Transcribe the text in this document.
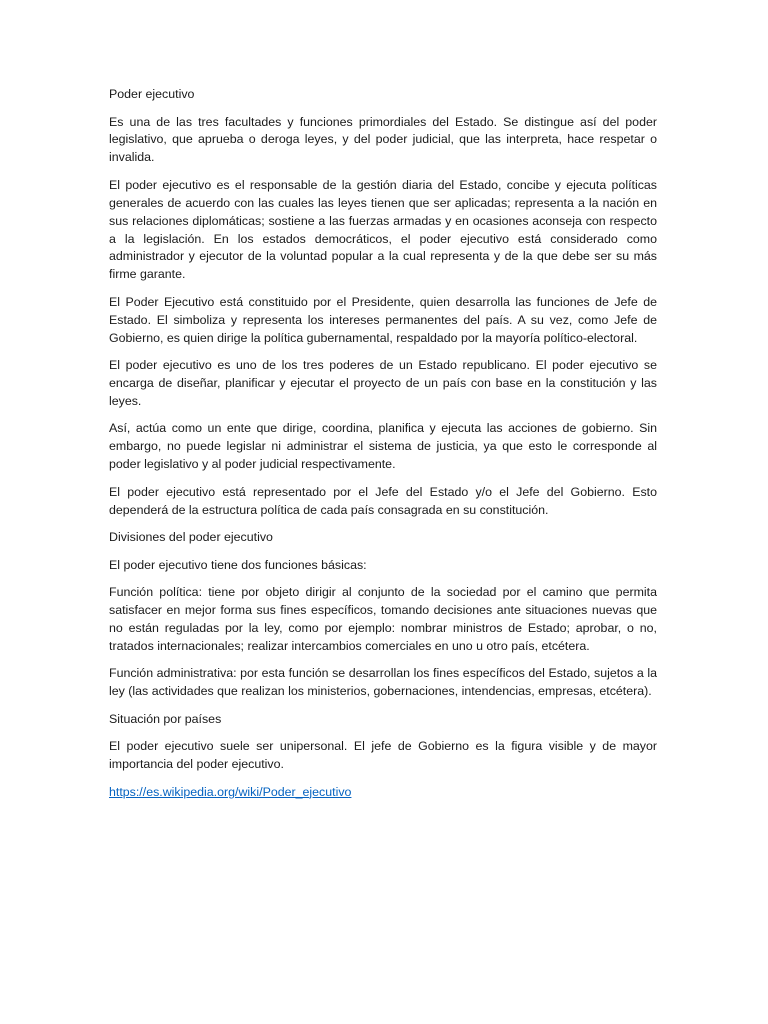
Poder ejecutivo

Es una de las tres facultades y funciones primordiales del Estado. Se distingue así del poder legislativo, que aprueba o deroga leyes, y del poder judicial, que las interpreta, hace respetar o invalida.

El poder ejecutivo es el responsable de la gestión diaria del Estado, concibe y ejecuta políticas generales de acuerdo con las cuales las leyes tienen que ser aplicadas; representa a la nación en sus relaciones diplomáticas; sostiene a las fuerzas armadas y en ocasiones aconseja con respecto a la legislación. En los estados democráticos, el poder ejecutivo está considerado como administrador y ejecutor de la voluntad popular a la cual representa y de la que debe ser su más firme garante.

El Poder Ejecutivo está constituido por el Presidente, quien desarrolla las funciones de Jefe de Estado. El simboliza y representa los intereses permanentes del país. A su vez, como Jefe de Gobierno, es quien dirige la política gubernamental, respaldado por la mayoría político-electoral.

El poder ejecutivo es uno de los tres poderes de un Estado republicano. El poder ejecutivo se encarga de diseñar, planificar y ejecutar el proyecto de un país con base en la constitución y las leyes.

Así, actúa como un ente que dirige, coordina, planifica y ejecuta las acciones de gobierno. Sin embargo, no puede legislar ni administrar el sistema de justicia, ya que esto le corresponde al poder legislativo y al poder judicial respectivamente.

El poder ejecutivo está representado por el Jefe del Estado y/o el Jefe del Gobierno. Esto dependerá de la estructura política de cada país consagrada en su constitución.

Divisiones del poder ejecutivo

El poder ejecutivo tiene dos funciones básicas:

Función política: tiene por objeto dirigir al conjunto de la sociedad por el camino que permita satisfacer en mejor forma sus fines específicos, tomando decisiones ante situaciones nuevas que no están reguladas por la ley, como por ejemplo: nombrar ministros de Estado; aprobar, o no, tratados internacionales; realizar intercambios comerciales en uno u otro país, etcétera.

Función administrativa: por esta función se desarrollan los fines específicos del Estado, sujetos a la ley (las actividades que realizan los ministerios, gobernaciones, intendencias, empresas, etcétera).

Situación por países

El poder ejecutivo suele ser unipersonal. El jefe de Gobierno es la figura visible y de mayor importancia del poder ejecutivo.

https://es.wikipedia.org/wiki/Poder_ejecutivo
